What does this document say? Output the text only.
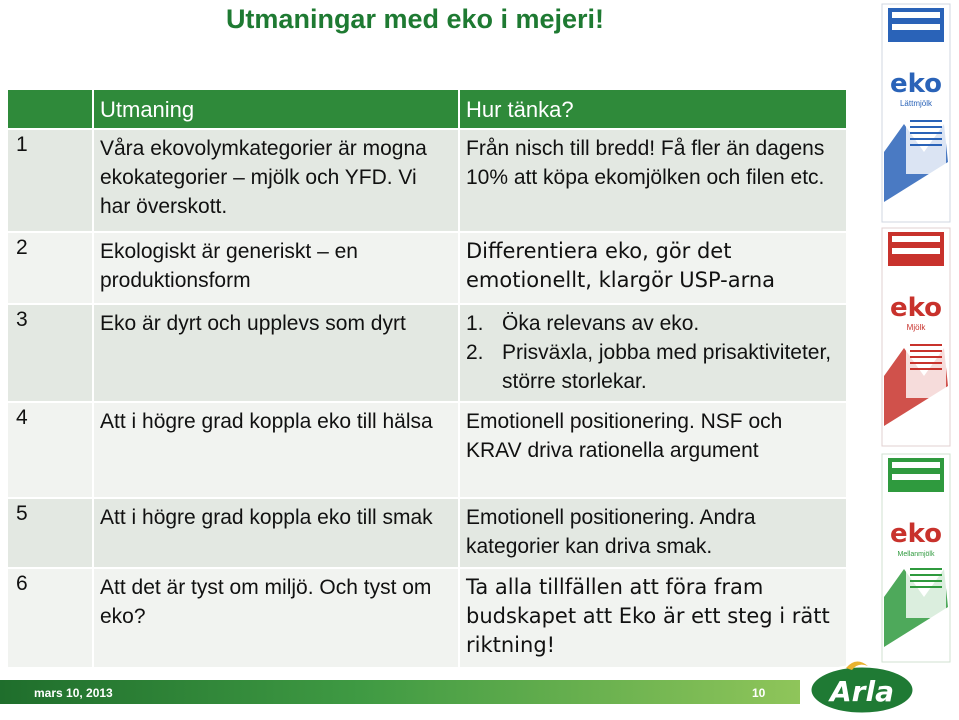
Utmaningar med eko i mejeri!
	Utmaning	Hur tänka?
1	Våra ekovolymkategorier är mogna ekokategorier – mjölk och YFD. Vi har överskott.	Från nisch till bredd! Få fler än dagens 10% att köpa ekomjölken och filen etc.
2	Ekologiskt är generiskt – en produktionsform	Differentiera eko, gör det emotionellt, klargör USP-arna
3	Eko är dyrt och upplevs som dyrt	1. Öka relevans av eko.
2. Prisväxla, jobba med prisaktiviteter, större storlekar.

4	Att i högre grad koppla eko till hälsa	Emotionell positionering. NSF och KRAV driva rationella argument
5	Att i högre grad koppla eko till smak	Emotionell positionering. Andra kategorier kan driva smak.
6	Att det är tyst om miljö. Och tyst om eko?	Ta alla tillfällen att föra fram budskapet att Eko är ett steg i rätt riktning!
eko
Lättmjölk
eko
Mjölk
eko
Mellanmjölk
mars 10, 2013	10 Arla
